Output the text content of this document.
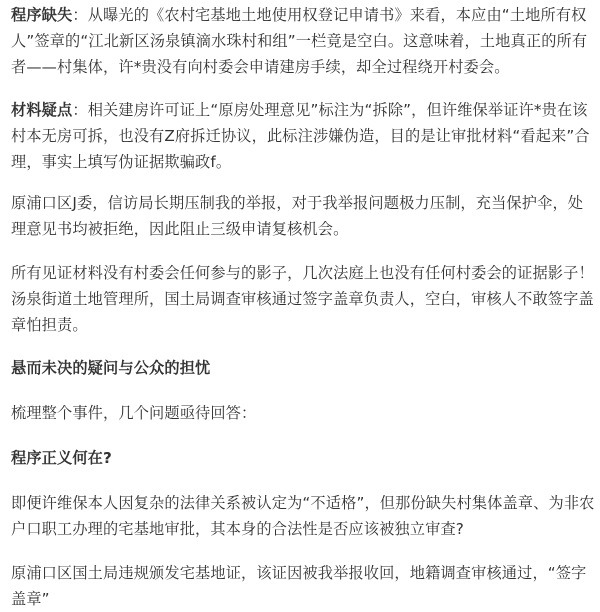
程序缺失：从曝光的《农村宅基地土地使用权登记申请书》来看，本应由“土地所有权人”签章的“江北新区汤泉镇滴水珠村和组”一栏竟是空白。这意味着，土地真正的所有者——村集体，许*贵没有向村委会申请建房手续，却全过程绕开村委会。

材料疑点：相关建房许可证上“原房处理意见”标注为“拆除”，但许维保举证许*贵在该村本无房可拆，也没有Z府拆迁协议，此标注涉嫌伪造，目的是让审批材料“看起来”合理，事实上填写伪证据欺骗政f。

原浦口区J委，信访局长期压制我的举报，对于我举报问题极力压制，充当保护伞，处理意见书均被拒绝，因此阻止三级申请复核机会。

所有见证材料没有村委会任何参与的影子，几次法庭上也没有任何村委会的证据影子！汤泉街道土地管理所，国土局调查审核通过签字盖章负责人，空白，审核人不敢签字盖章怕担责。

悬而未决的疑问与公众的担忧

梳理整个事件，几个问题亟待回答：

程序正义何在?

即便许维保本人因复杂的法律关系被认定为“不适格”，但那份缺失村集体盖章、为非农户口职工办理的宅基地审批，其本身的合法性是否应该被独立审查?

原浦口区国土局违规颁发宅基地证，该证因被我举报收回，地籍调查审核通过，“签字盖章”
